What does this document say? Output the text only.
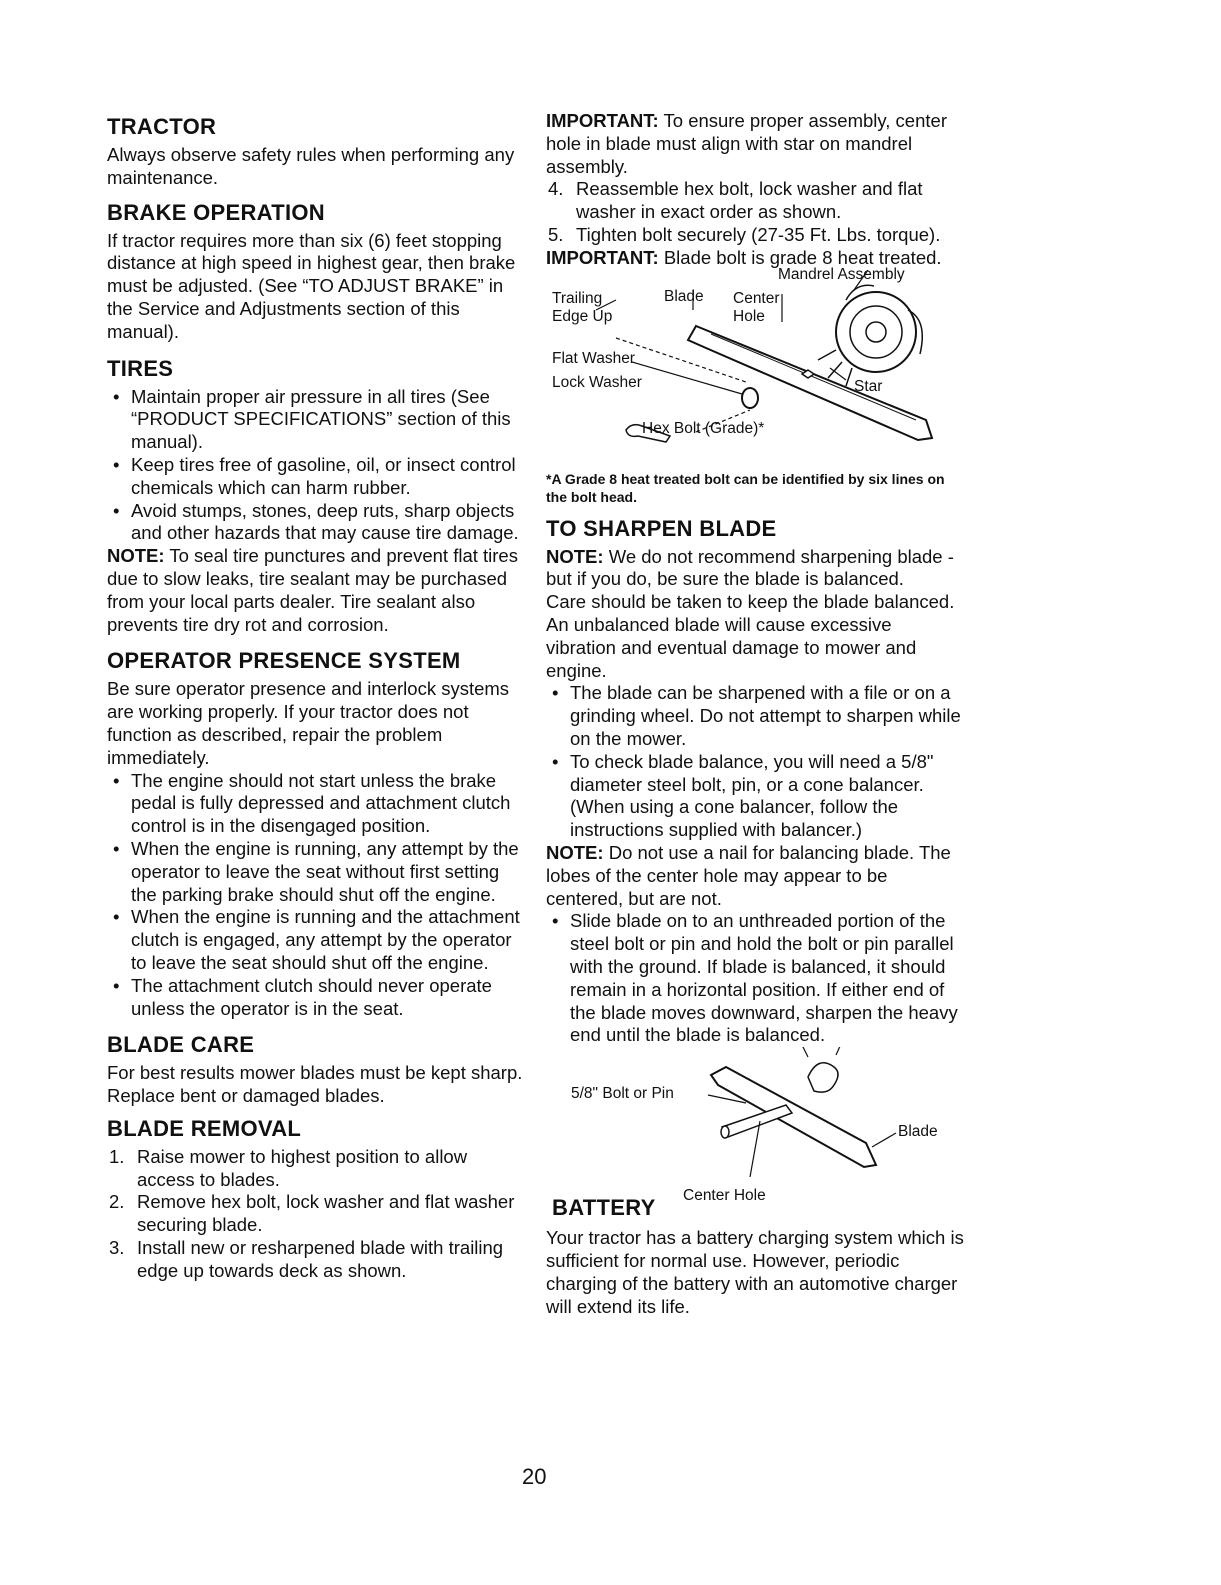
TRACTOR

Always observe safety rules when performing any maintenance.

BRAKE OPERATION

If tractor requires more than six (6) feet stopping distance at high speed in highest gear, then brake must be adjusted. (See “TO ADJUST BRAKE” in the Service and Adjustments section of this manual).

TIRES
• Maintain proper air pressure in all tires (See “PRODUCT SPECIFICATIONS” section of this manual).
• Keep tires free of gasoline, oil, or insect control chemicals which can harm rubber.
• Avoid stumps, stones, deep ruts, sharp objects and other hazards that may cause tire damage.

NOTE: To seal tire punctures and prevent flat tires due to slow leaks, tire sealant may be purchased from your local parts dealer. Tire sealant also prevents tire dry rot and corrosion.

OPERATOR PRESENCE SYSTEM

Be sure operator presence and interlock systems are working properly. If your tractor does not function as described, repair the problem immediately.

• The engine should not start unless the brake pedal is fully depressed and attachment clutch control is in the disengaged position.
• When the engine is running, any attempt by the operator to leave the seat without first setting the parking brake should shut off the engine.
• When the engine is running and the attachment clutch is engaged, any attempt by the operator to leave the seat should shut off the engine.
• The attachment clutch should never operate unless the operator is in the seat.
BLADE CARE

For best results mower blades must be kept sharp. Replace bent or damaged blades.

BLADE REMOVAL
1. Raise mower to highest position to allow access to blades.
2. Remove hex bolt, lock washer and flat washer securing blade.
3. Install new or resharpened blade with trailing edge up towards deck as shown.

IMPORTANT: To ensure proper assembly, center hole in blade must align with star on mandrel assembly.

4. Reassemble hex bolt, lock washer and flat washer in exact order as shown.
5. Tighten bolt securely (27-35 Ft. Lbs. torque).

IMPORTANT: Blade bolt is grade 8 heat treated.

Mandrel Assembly
Trailing
Edge Up
Blade Center
Hole
Flat Washer
Lock Washer	Star
Hex Bolt (Grade)*

*A Grade 8 heat treated bolt can be identified by six lines on the bolt head.

TO SHARPEN BLADE

NOTE: We do not recommend sharpening blade - but if you do, be sure the blade is balanced.

Care should be taken to keep the blade balanced. An unbalanced blade will cause excessive vibration and eventual damage to mower and engine.

• The blade can be sharpened with a file or on a grinding wheel. Do not attempt to sharpen while on the mower.
• To check blade balance, you will need a 5/8" diameter steel bolt, pin, or a cone balancer. (When using a cone balancer, follow the instructions supplied with balancer.)

NOTE: Do not use a nail for balancing blade. The lobes of the center hole may appear to be centered, but are not.

• Slide blade on to an unthreaded portion of the steel bolt or pin and hold the bolt or pin parallel with the ground. If blade is balanced, it should remain in a horizontal position. If either end of the blade moves downward, sharpen the heavy end until the blade is balanced.
5/8" Bolt or Pin
Blade
BATTERY Center Hole

Your tractor has a battery charging system which is sufficient for normal use. However, periodic charging of the battery with an automotive charger will extend its life.

20
